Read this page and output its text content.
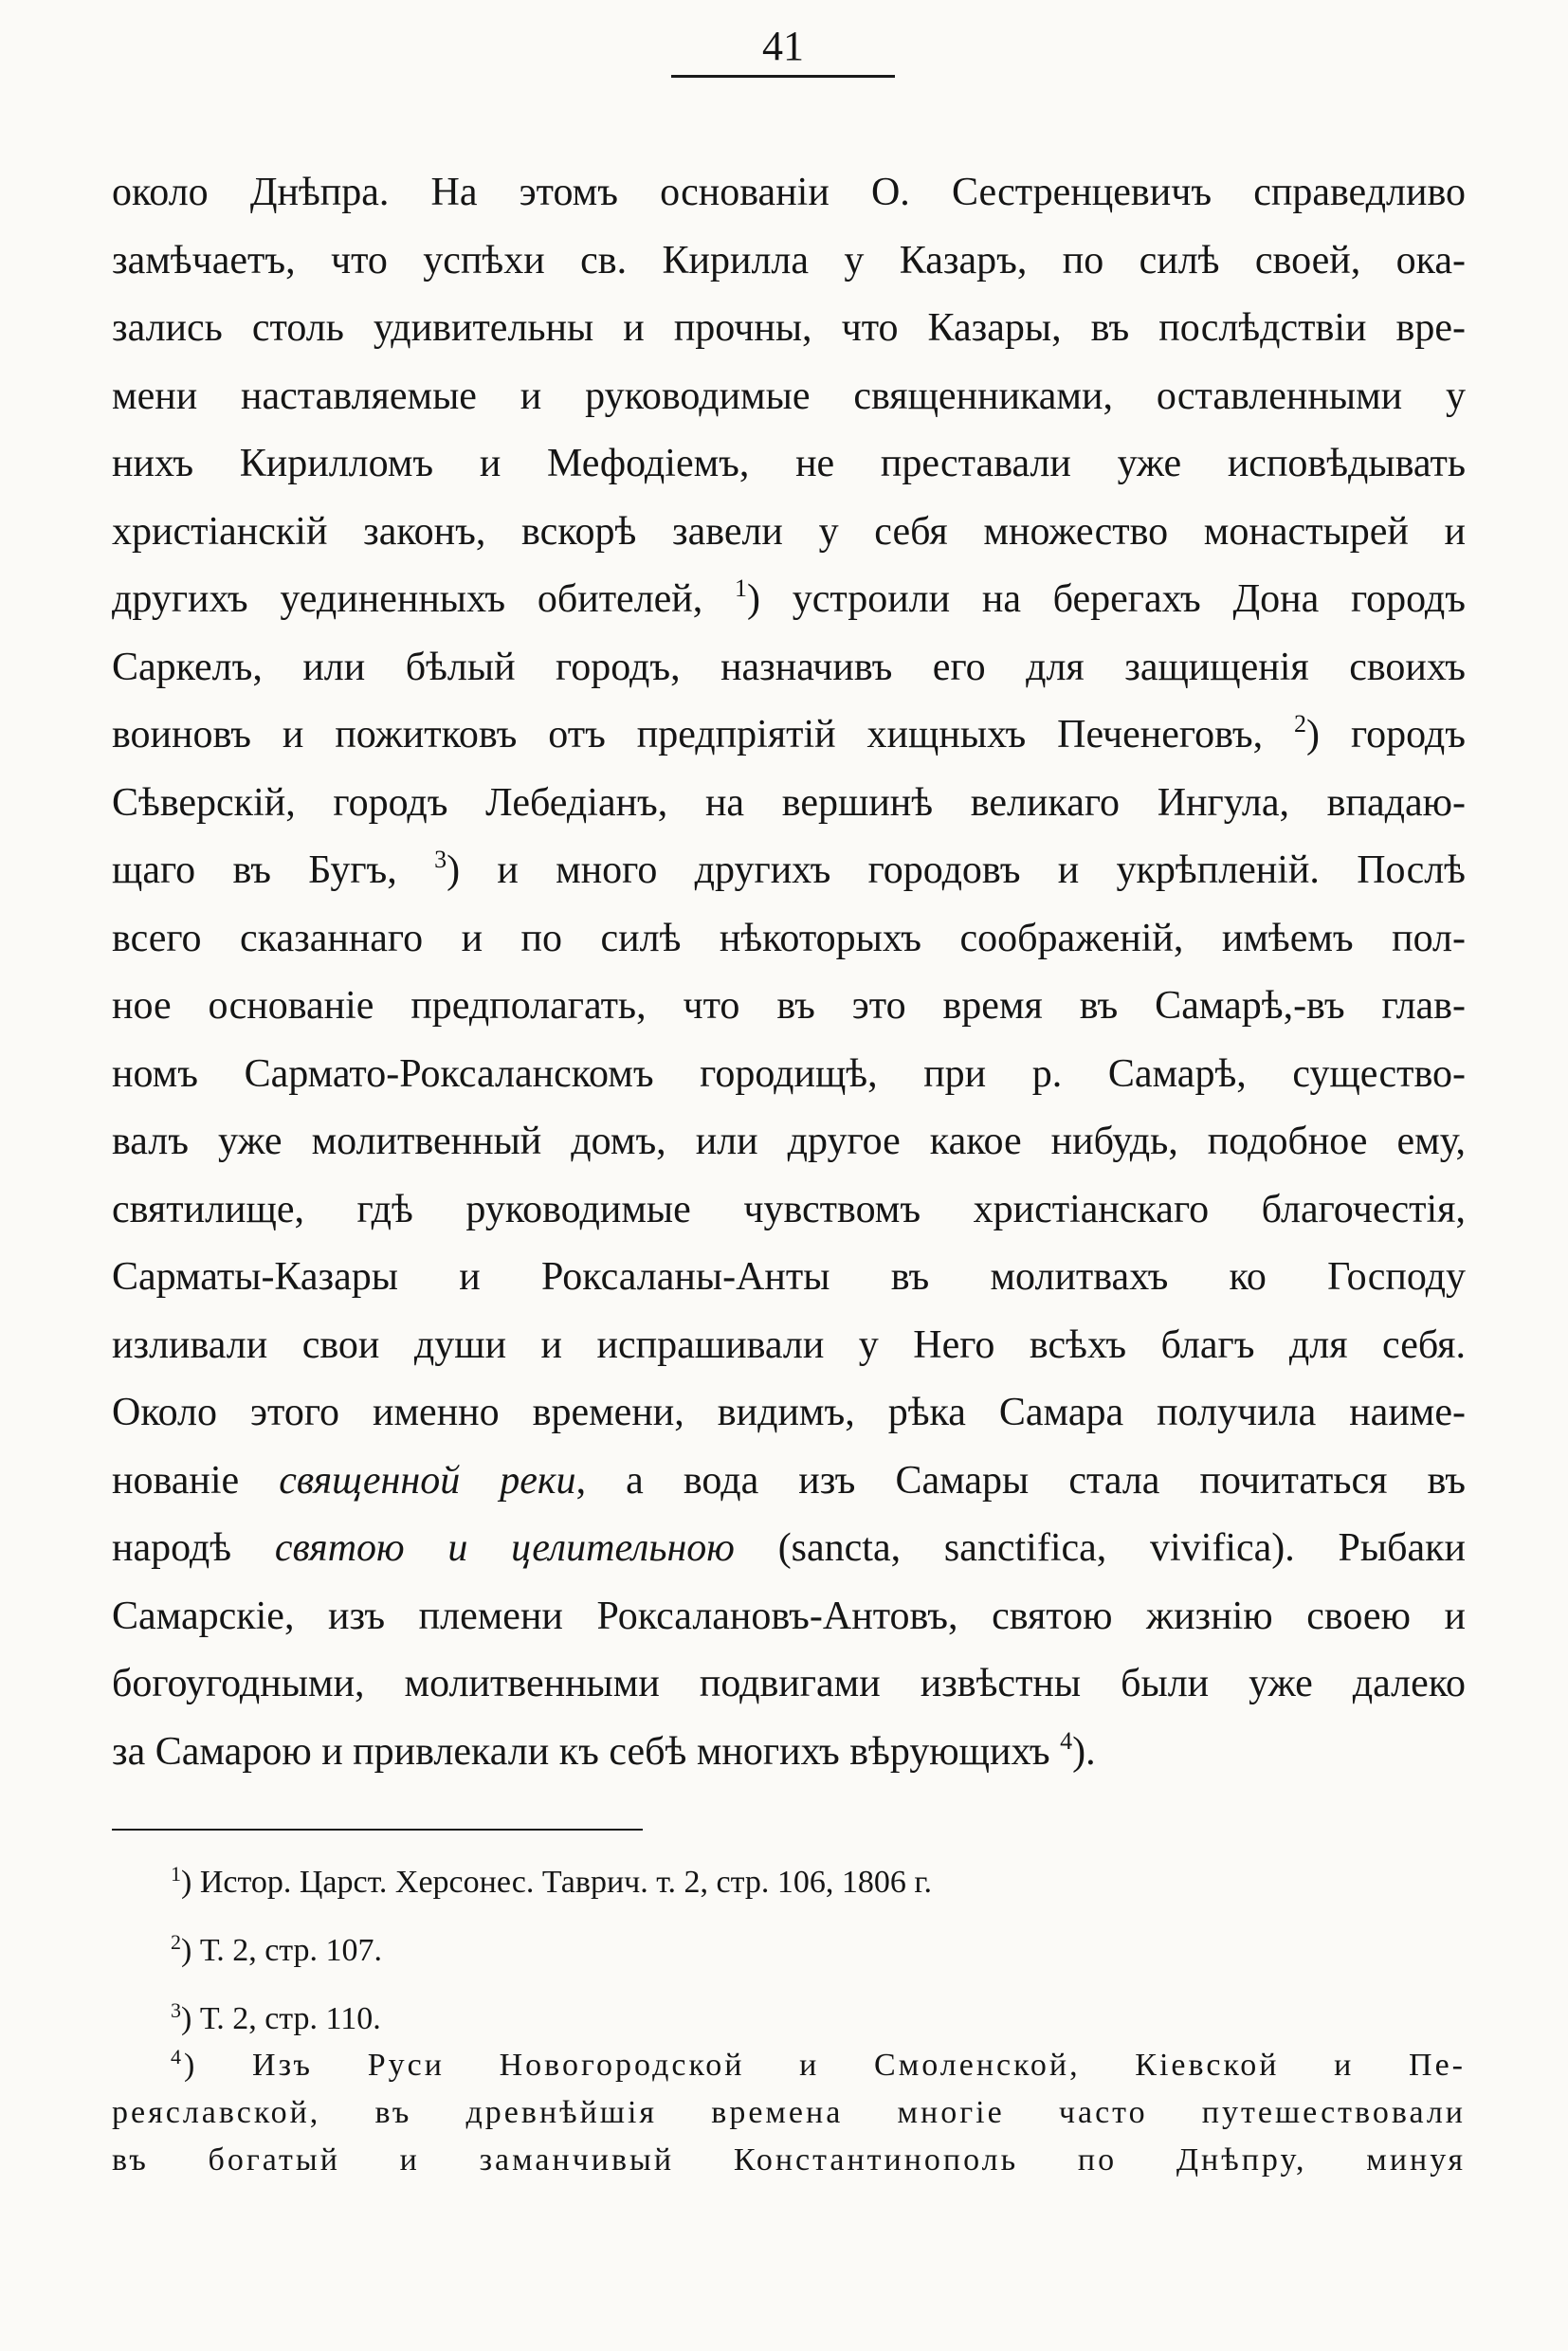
41
около Днѣпра. На этомъ основанiи О. Сестренцевичъ справедливо
замѣчаетъ, что успѣхи св. Кирилла у Казаръ, по силѣ своей, ока-
зались столь удивительны и прочны, что Казары, въ послѣдствiи вре-
мени наставляемые и руководимые священниками, оставленными у
нихъ Кирилломъ и Мефодiемъ, не преставали уже исповѣдывать
христiанскiй законъ, вскорѣ завели у себя множество монастырей и
другихъ уединенныхъ обителей, $^1$) устроили на берегахъ Дона городъ
Саркелъ, или бѣлый городъ, назначивъ его для защищенiя своихъ
воиновъ и пожитковъ отъ предпрiятiй хищныхъ Печенеговъ, $^2$) городъ
Сѣверскiй, городъ Лебедiанъ, на вершинѣ великаго Ингула, впадаю-
щаго въ Бугъ, $^3$) и много другихъ городовъ и укрѣпленiй. Послѣ
всего сказаннаго и по силѣ нѣкоторыхъ соображенiй, имѣемъ пол-
ное основанiе предполагать, что въ это время въ Самарѣ,-въ глав-
номъ Сармато-Роксаланскомъ городищѣ, при р. Самарѣ, существо-
валъ уже молитвенный домъ, или другое какое нибудь, подобное ему,
святилище, гдѣ руководимые чувствомъ христiанскаго благочестiя,
Сарматы-Казары и Роксаланы-Анты въ молитвахъ ко Господу
изливали свои души и испрашивали у Него всѣхъ благъ для себя.
Около этого именно времени, видимъ, рѣка Самара получила наиме-
нованiе священной реки, а вода изъ Самары стала почитаться въ
народѣ святою и целительною (sancta, sanctifica, vivifica). Рыбаки
Самарскiе, изъ племени Роксалановъ-Антовъ, святою жизнiю своею и
богоугодными, молитвенными подвигами извѣстны были уже далеко
за Самарою и привлекали къ себѣ многихъ вѣрующихъ $^4$).
$^1$) Истор. Царст. Херсонес. Таврич. т. 2, стр. 106, 1806 г.
$^2$) Т. 2, стр. 107.
$^3$) Т. 2, стр. 110.
$^4$) Изъ Руси Новогородской и Смоленской, Кiевской и Пе-
реяславской, въ древнѣйшiя времена многiе часто путешествовали
въ богатый и заманчивый Константинополь по Днѣпру, минуя
